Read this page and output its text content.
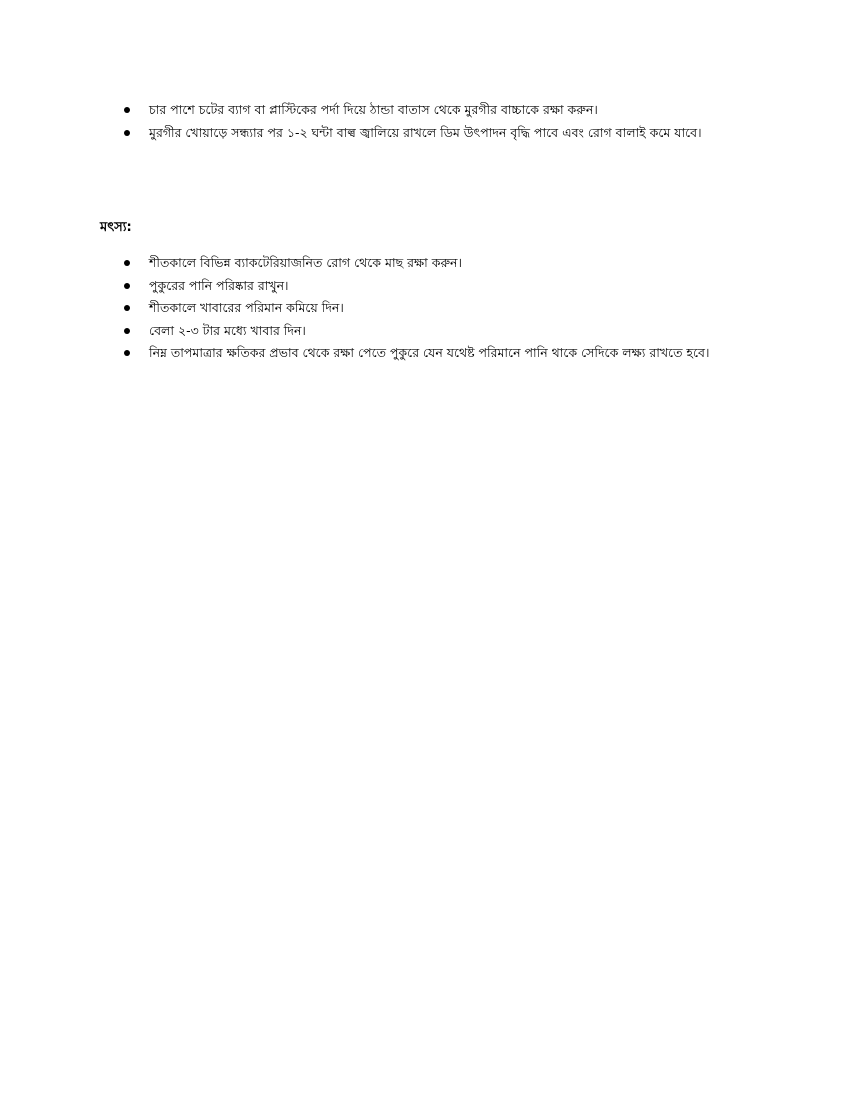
চার পাশে চটের ব্যাগ বা প্লাস্টিকের পর্দা দিয়ে ঠান্ডা বাতাস থেকে মুরগীর বাচ্চাকে রক্ষা করুন।
মুরগীর খোয়াড়ে সন্ধ্যার পর ১-২ ঘন্টা বাল্ব জ্বালিয়ে রাখলে ডিম উৎপাদন বৃদ্ধি পাবে এবং রোগ বালাই কমে যাবে।
মৎস্য:
শীতকালে বিভিন্ন ব্যাকটেরিয়াজনিত রোগ থেকে মাছ রক্ষা করুন।
পুকুরের পানি পরিষ্কার রাখুন।
শীতকালে খাবারের পরিমান কমিয়ে দিন।
বেলা ২-৩ টার মধ্যে খাবার দিন।
নিম্ন তাপমাত্রার ক্ষতিকর প্রভাব থেকে রক্ষা পেতে পুকুরে যেন যথেষ্ট পরিমানে পানি থাকে সেদিকে লক্ষ্য রাখতে হবে।
